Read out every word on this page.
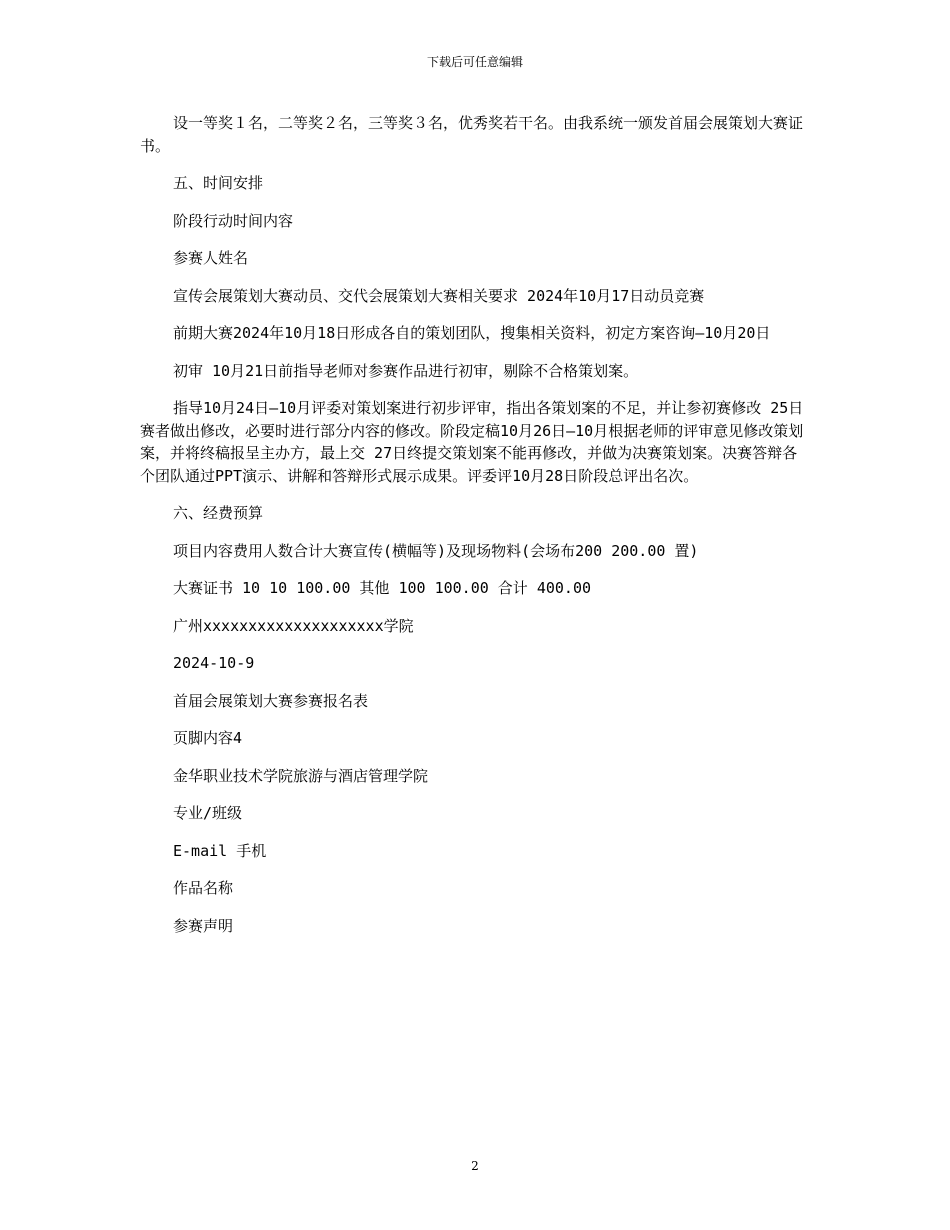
下载后可任意编辑

设一等奖１名，二等奖２名，三等奖３名，优秀奖若干名。由我系统一颁发首届会展策划大赛证书。

五、时间安排

阶段行动时间内容

参赛人姓名

宣传会展策划大赛动员、交代会展策划大赛相关要求 2024年10月17日动员竞赛

前期大赛2024年10月18日形成各自的策划团队，搜集相关资料，初定方案咨询—10月20日

初审 10月21日前指导老师对参赛作品进行初审，剔除不合格策划案。

指导10月24日—10月评委对策划案进行初步评审，指出各策划案的不足，并让参初赛修改 25日赛者做出修改，必要时进行部分内容的修改。阶段定稿10月26日—10月根据老师的评审意见修改策划案，并将终稿报呈主办方，最上交 27日终提交策划案不能再修改，并做为决赛策划案。决赛答辩各个团队通过PPT演示、讲解和答辩形式展示成果。评委评10月28日阶段总评出名次。

六、经费预算

项目内容费用人数合计大赛宣传(横幅等)及现场物料(会场布200 200.00 置)

大赛证书 10 10 100.00 其他 100 100.00 合计 400.00

广州xxxxxxxxxxxxxxxxxxxx学院

2024-10-9

首届会展策划大赛参赛报名表

页脚内容4

金华职业技术学院旅游与酒店管理学院

专业/班级

E-mail 手机

作品名称

参赛声明

2
